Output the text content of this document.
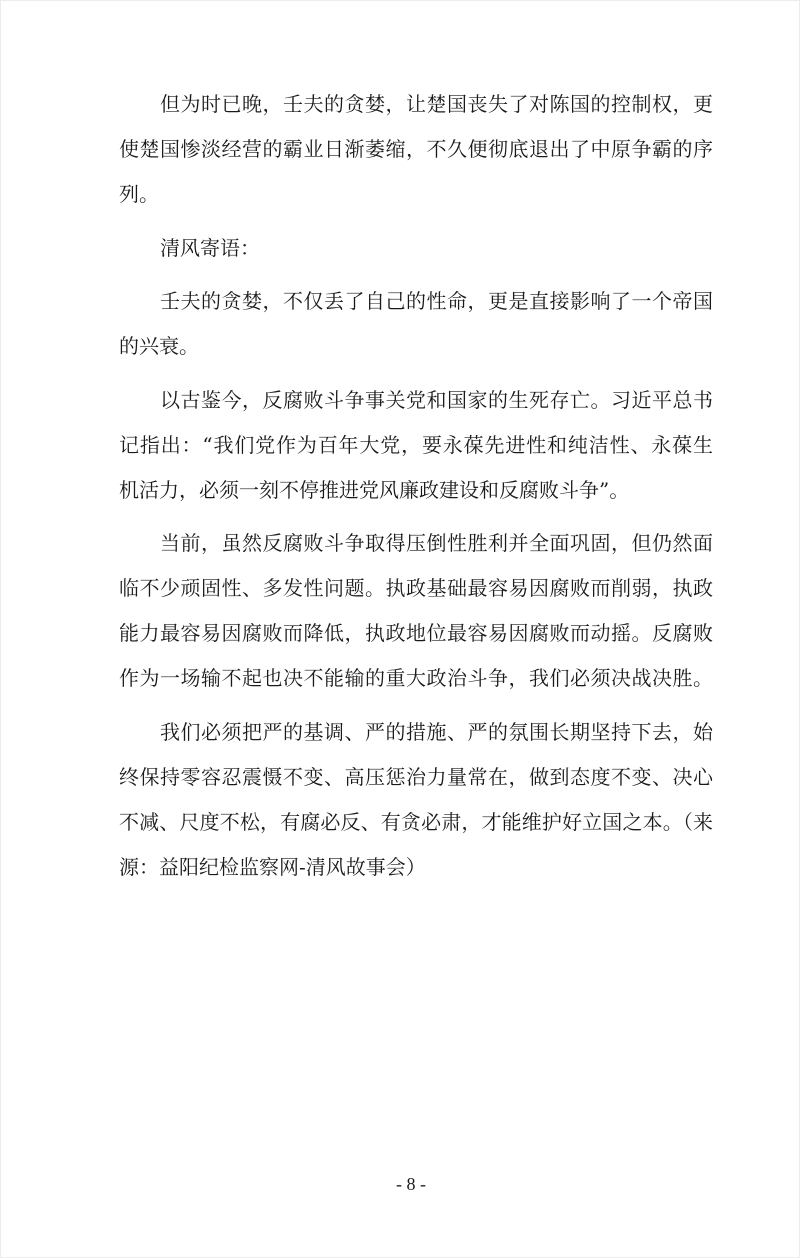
但为时已晚，壬夫的贪婪，让楚国丧失了对陈国的控制权，更
使楚国惨淡经营的霸业日渐萎缩，不久便彻底退出了中原争霸的序
列。

清风寄语：

壬夫的贪婪，不仅丢了自己的性命，更是直接影响了一个帝国
的兴衰。

以古鉴今，反腐败斗争事关党和国家的生死存亡。习近平总书
记指出：“我们党作为百年大党，要永葆先进性和纯洁性、永葆生
机活力，必须一刻不停推进党风廉政建设和反腐败斗争”。

当前，虽然反腐败斗争取得压倒性胜利并全面巩固，但仍然面
临不少顽固性、多发性问题。执政基础最容易因腐败而削弱，执政
能力最容易因腐败而降低，执政地位最容易因腐败而动摇。反腐败
作为一场输不起也决不能输的重大政治斗争，我们必须决战决胜。

我们必须把严的基调、严的措施、严的氛围长期坚持下去，始
终保持零容忍震慑不变、高压惩治力量常在，做到态度不变、决心
不减、尺度不松，有腐必反、有贪必肃，才能维护好立国之本。（来
源：益阳纪检监察网-清风故事会）

- 8 -
